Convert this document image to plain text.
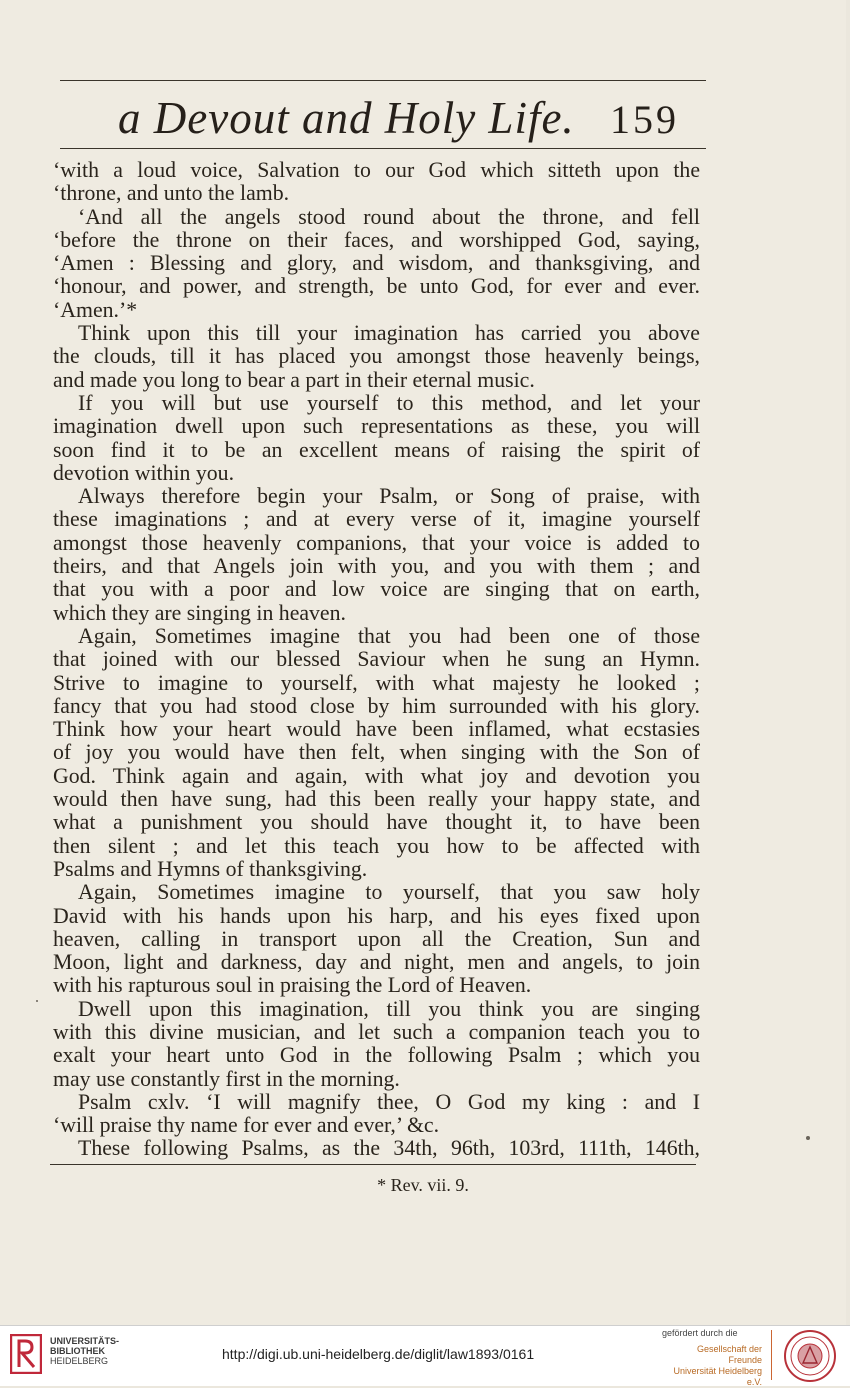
a Devout and Holy Life. 159
‘with a loud voice, Salvation to our God which sitteth upon the
‘throne, and unto the lamb.
‘And all the angels stood round about the throne, and fell
‘before the throne on their faces, and worshipped God, saying,
‘Amen : Blessing and glory, and wisdom, and thanksgiving, and
‘honour, and power, and strength, be unto God, for ever and ever.
‘Amen.’*
Think upon this till your imagination has carried you above
the clouds, till it has placed you amongst those heavenly beings,
and made you long to bear a part in their eternal music.
If you will but use yourself to this method, and let your
imagination dwell upon such representations as these, you will
soon find it to be an excellent means of raising the spirit of
devotion within you.
Always therefore begin your Psalm, or Song of praise, with
these imaginations ; and at every verse of it, imagine yourself
amongst those heavenly companions, that your voice is added to
theirs, and that Angels join with you, and you with them ; and
that you with a poor and low voice are singing that on earth,
which they are singing in heaven.
Again, Sometimes imagine that you had been one of those
that joined with our blessed Saviour when he sung an Hymn.
Strive to imagine to yourself, with what majesty he looked ;
fancy that you had stood close by him surrounded with his glory.
Think how your heart would have been inflamed, what ecstasies
of joy you would have then felt, when singing with the Son of
God. Think again and again, with what joy and devotion you
would then have sung, had this been really your happy state, and
what a punishment you should have thought it, to have been
then silent ; and let this teach you how to be affected with
Psalms and Hymns of thanksgiving.
Again, Sometimes imagine to yourself, that you saw holy
David with his hands upon his harp, and his eyes fixed upon
heaven, calling in transport upon all the Creation, Sun and
Moon, light and darkness, day and night, men and angels, to join
with his rapturous soul in praising the Lord of Heaven.
Dwell upon this imagination, till you think you are singing
with this divine musician, and let such a companion teach you to
exalt your heart unto God in the following Psalm ; which you
may use constantly first in the morning.
Psalm cxlv. ‘I will magnify thee, O God my king : and I
‘will praise thy name for ever and ever,’ &c.
These following Psalms, as the 34th, 96th, 103rd, 111th, 146th,
* Rev. vii. 9.
UNIVERSITÄTS-
BIBLIOTHEK
HEIDELBERG	http://digi.ub.uni-heidelberg.de/diglit/law1893/0161
gefördert durch die
Gesellschaft der Freunde
Universität Heidelberg e.V.
